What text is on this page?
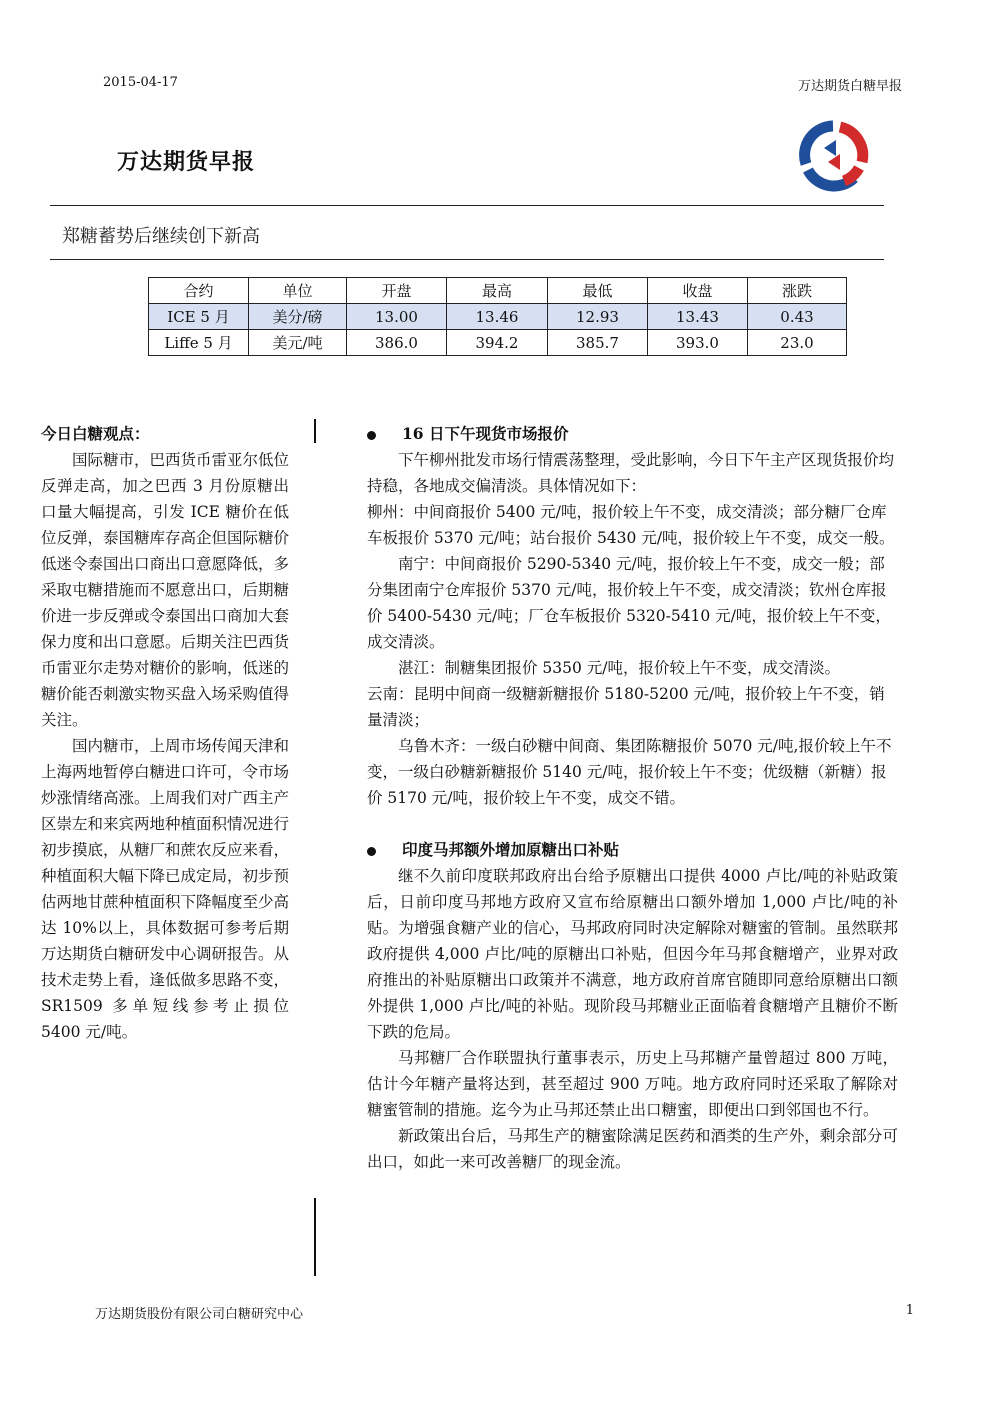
2015-04-17	万达期货白糖早报
万达期货早报
郑糖蓄势后继续创下新高
合约	单位	开盘	最高	最低	收盘	涨跌
ICE 5 月	美分/磅	13.00	13.46	12.93	13.43	0.43
Liffe 5 月	美元/吨	386.0	394.2	385.7	393.0	23.0

今日白糖观点：

国际糖市，巴西货币雷亚尔低位反弹走高，加之巴西 3 月份原糖出口量大幅提高，引发 ICE 糖价在低位反弹，泰国糖库存高企但国际糖价低迷令泰国出口商出口意愿降低，多采取屯糖措施而不愿意出口，后期糖价进一步反弹或令泰国出口商加大套保力度和出口意愿。后期关注巴西货币雷亚尔走势对糖价的影响，低迷的糖价能否刺激实物买盘入场采购值得关注。

国内糖市，上周市场传闻天津和上海两地暂停白糖进口许可，令市场炒涨情绪高涨。上周我们对广西主产区崇左和来宾两地种植面积情况进行初步摸底，从糖厂和蔗农反应来看，种植面积大幅下降已成定局，初步预估两地甘蔗种植面积下降幅度至少高达 10%以上，具体数据可参考后期万达期货白糖研发中心调研报告。从技术走势上看，逢低做多思路不变，SR1509 多单短线参考止损位 5400 元/吨。

16 日下午现货市场报价

下午柳州批发市场行情震荡整理，受此影响，今日下午主产区现货报价均持稳，各地成交偏清淡。具体情况如下：

柳州：中间商报价 5400 元/吨，报价较上午不变，成交清淡；部分糖厂仓库车板报价 5370 元/吨；站台报价 5430 元/吨，报价较上午不变，成交一般。

南宁：中间商报价 5290-5340 元/吨，报价较上午不变，成交一般；部分集团南宁仓库报价 5370 元/吨，报价较上午不变，成交清淡；钦州仓库报价 5400-5430 元/吨；厂仓车板报价 5320-5410 元/吨，报价较上午不变，成交清淡。

湛江：制糖集团报价 5350 元/吨，报价较上午不变，成交清淡。

云南：昆明中间商一级糖新糖报价 5180-5200 元/吨，报价较上午不变，销量清淡；

乌鲁木齐：一级白砂糖中间商、集团陈糖报价 5070 元/吨,报价较上午不变，一级白砂糖新糖报价 5140 元/吨，报价较上午不变；优级糖（新糖）报价 5170 元/吨，报价较上午不变，成交不错。

印度马邦额外增加原糖出口补贴

继不久前印度联邦政府出台给予原糖出口提供 4000 卢比/吨的补贴政策后，日前印度马邦地方政府又宣布给原糖出口额外增加 1,000 卢比/吨的补贴。为增强食糖产业的信心，马邦政府同时决定解除对糖蜜的管制。虽然联邦政府提供 4,000 卢比/吨的原糖出口补贴，但因今年马邦食糖增产，业界对政府推出的补贴原糖出口政策并不满意，地方政府首席官随即同意给原糖出口额外提供 1,000 卢比/吨的补贴。现阶段马邦糖业正面临着食糖增产且糖价不断下跌的危局。

马邦糖厂合作联盟执行董事表示，历史上马邦糖产量曾超过 800 万吨，估计今年糖产量将达到，甚至超过 900 万吨。地方政府同时还采取了解除对糖蜜管制的措施。迄今为止马邦还禁止出口糖蜜，即便出口到邻国也不行。

新政策出台后，马邦生产的糖蜜除满足医药和酒类的生产外，剩余部分可出口，如此一来可改善糖厂的现金流。

万达期货股份有限公司白糖研究中心	1
